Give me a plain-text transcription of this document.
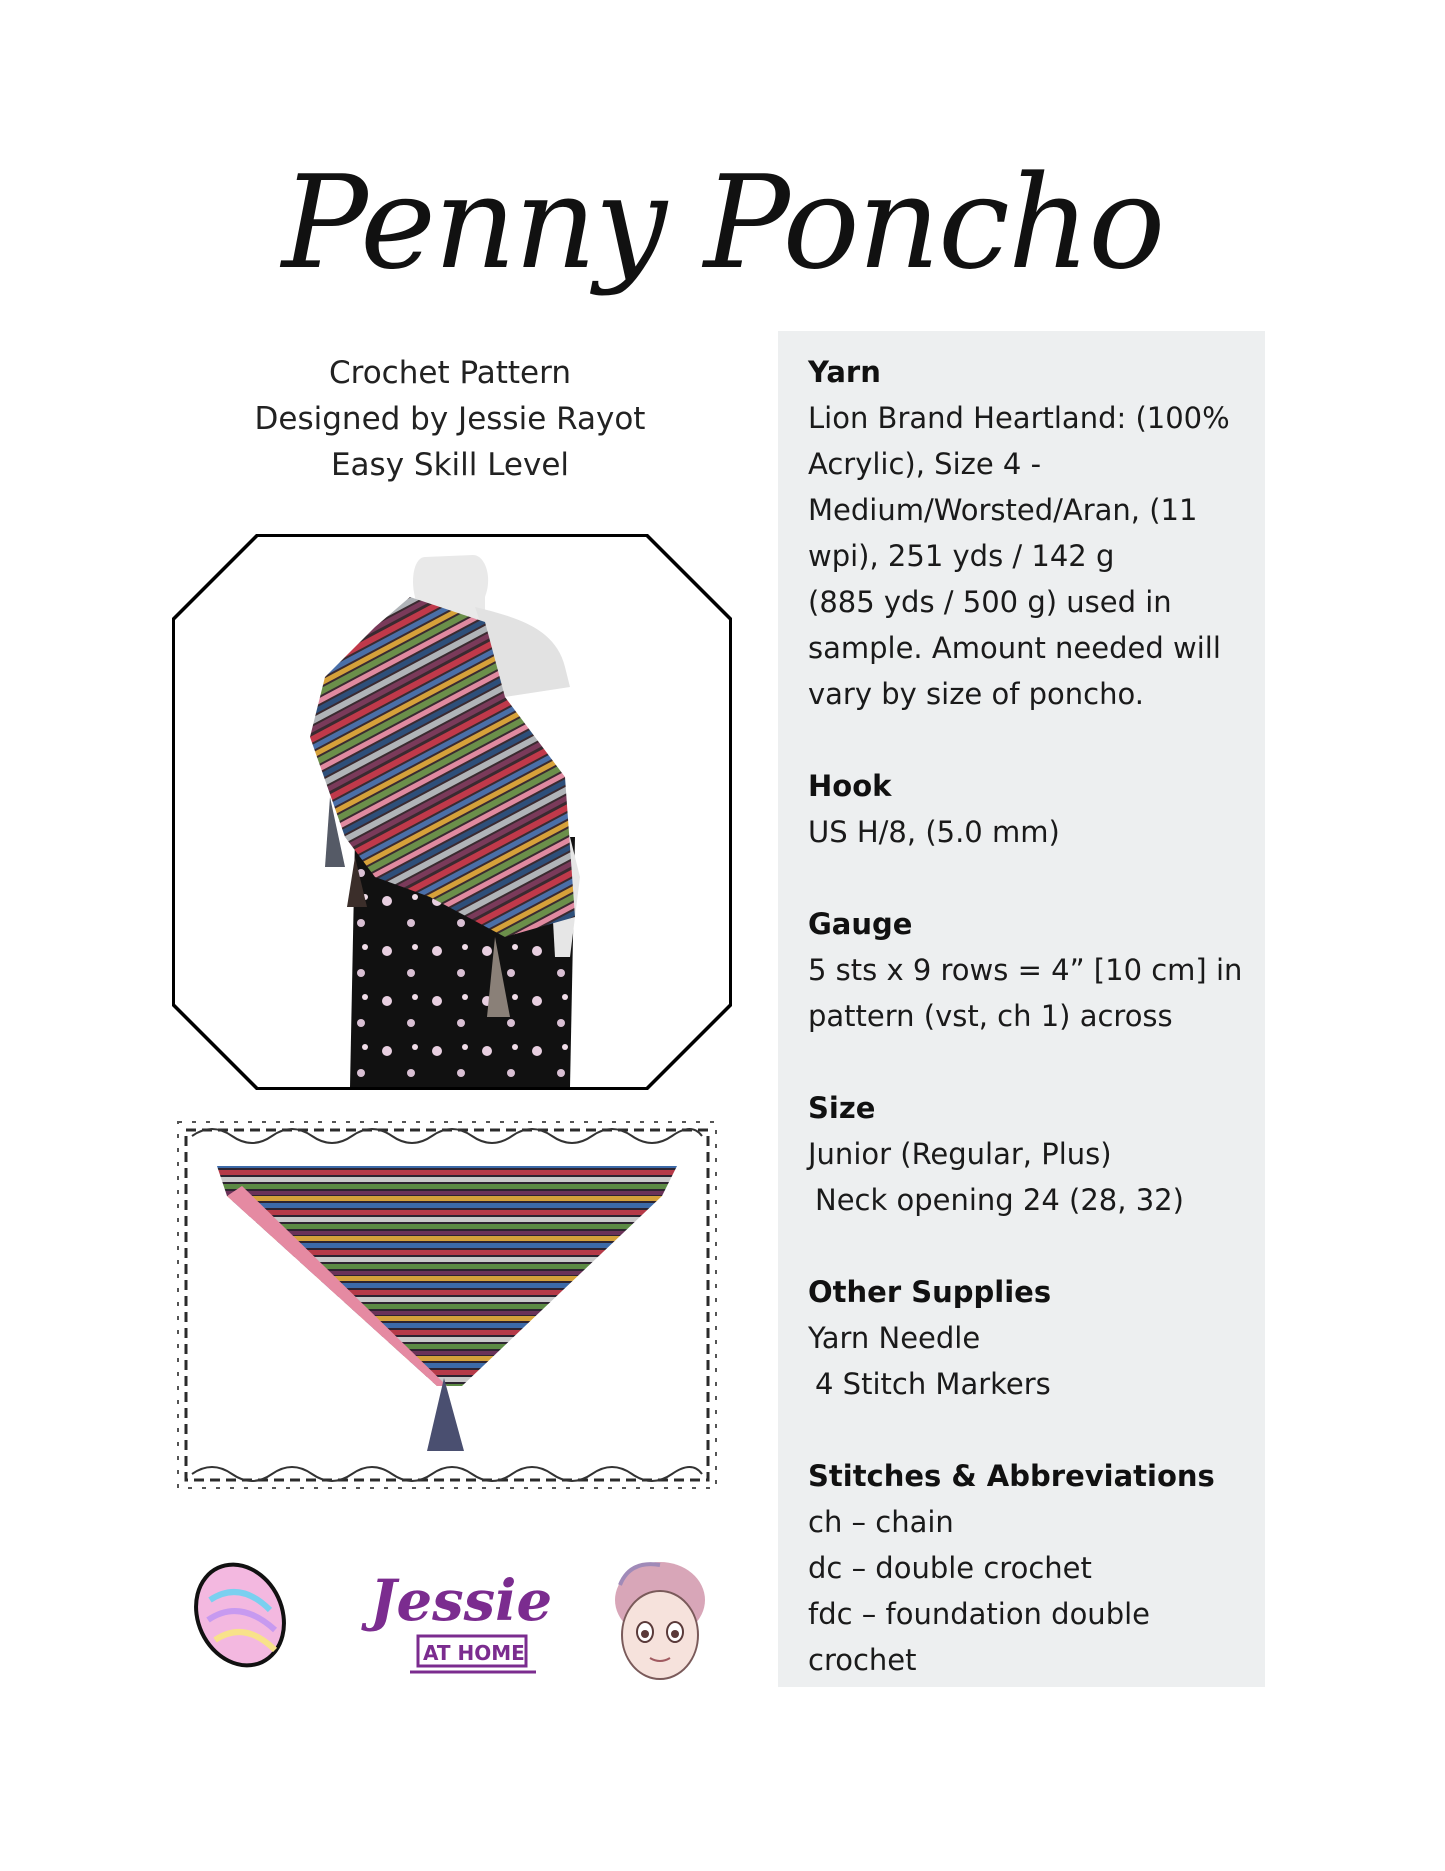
Penny Poncho
Crochet Pattern
Designed by Jessie Rayot
Easy Skill Level
Jessie
AT HOME
Yarn

Lion Brand Heartland: (100%

Acrylic), Size 4 -

Medium/Worsted/Aran, (11

wpi), 251 yds / 142 g

(885 yds / 500 g) used in

sample. Amount needed will

vary by size of poncho.

Hook

US H/8, (5.0 mm)

Gauge

5 sts x 9 rows = 4” [10 cm] in

pattern (vst, ch 1) across

Size

Junior (Regular, Plus)

Neck opening 24 (28, 32)

Other Supplies

Yarn Needle

4 Stitch Markers

Stitches & Abbreviations

ch – chain

dc – double crochet

fdc – foundation double

crochet
